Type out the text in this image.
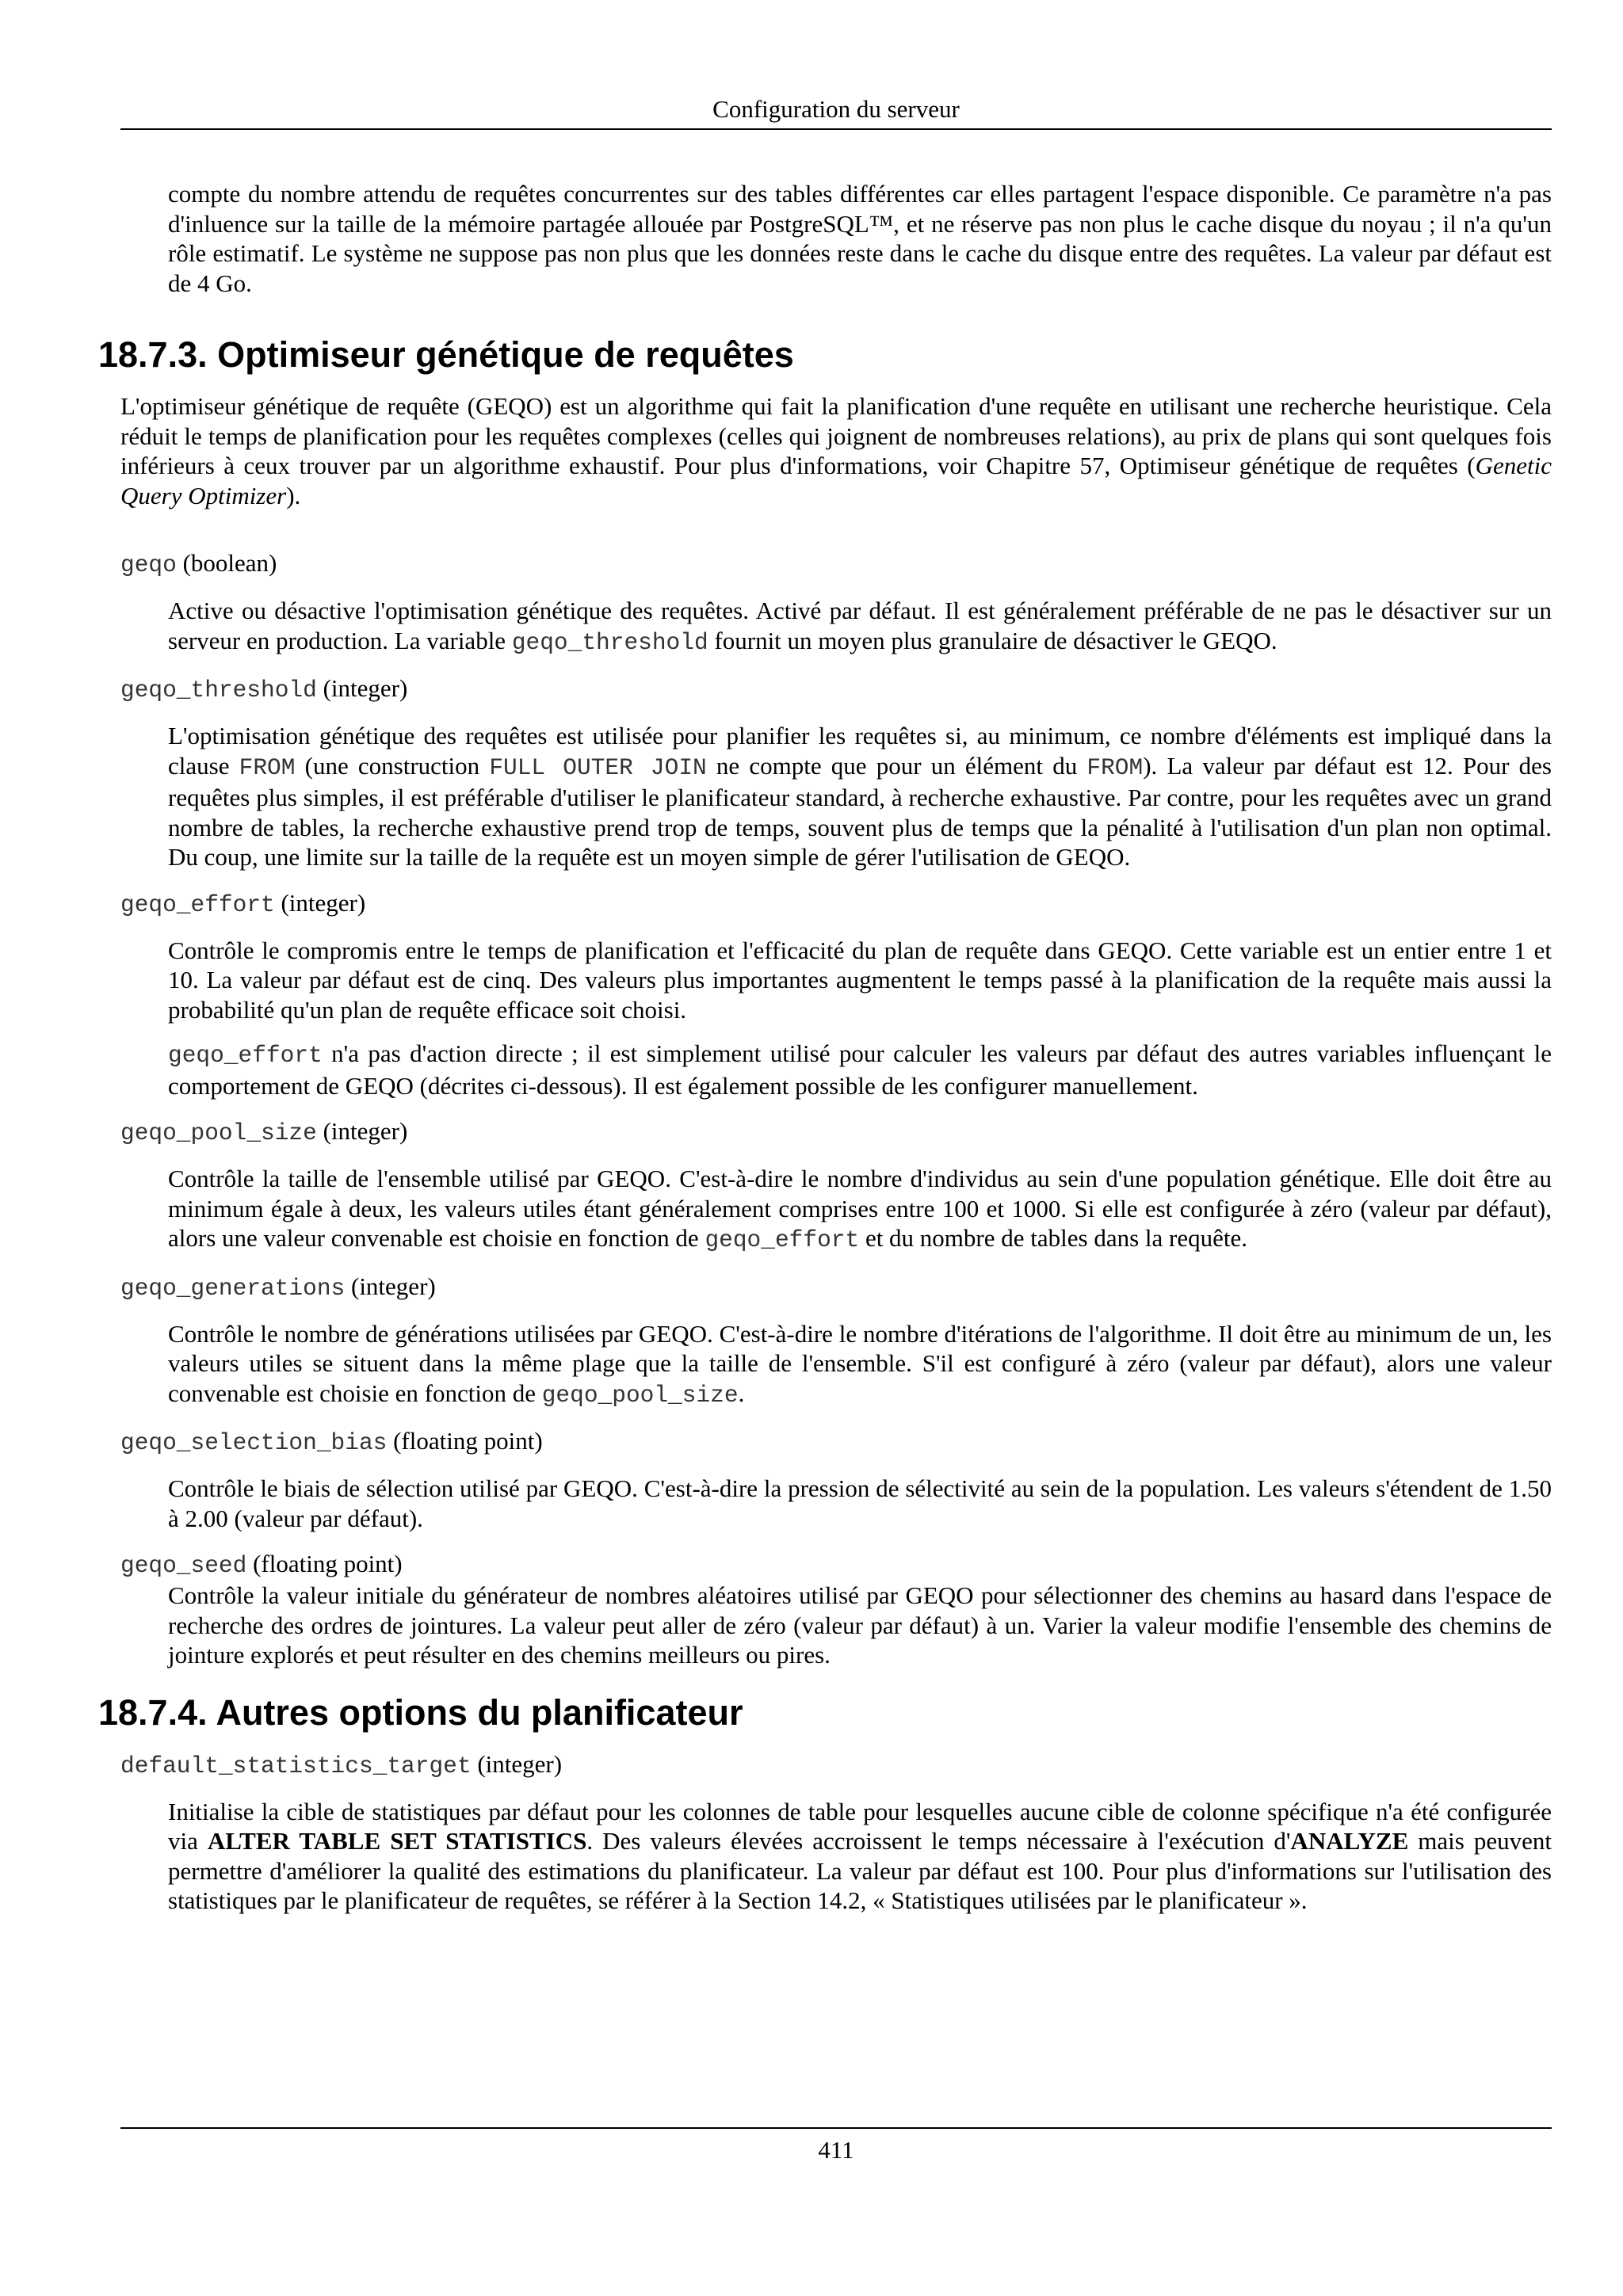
Configuration du serveur

compte du nombre attendu de requêtes concurrentes sur des tables différentes car elles partagent l'espace disponible. Ce paramètre n'a pas d'inluence sur la taille de la mémoire partagée allouée par PostgreSQL™, et ne réserve pas non plus le cache disque du noyau ; il n'a qu'un rôle estimatif. Le système ne suppose pas non plus que les données reste dans le cache du disque entre des requêtes. La valeur par défaut est de 4 Go.

18.7.3. Optimiseur génétique de requêtes

L'optimiseur génétique de requête (GEQO) est un algorithme qui fait la planification d'une requête en utilisant une recherche heuristique. Cela réduit le temps de planification pour les requêtes complexes (celles qui joignent de nombreuses relations), au prix de plans qui sont quelques fois inférieurs à ceux trouver par un algorithme exhaustif. Pour plus d'informations, voir Chapitre 57, Optimiseur génétique de requêtes (Genetic Query Optimizer).

geqo (boolean)
Active ou désactive l'optimisation génétique des requêtes. Activé par défaut. Il est généralement préférable de ne pas le désactiver sur un serveur en production. La variable geqo_threshold fournit un moyen plus granulaire de désactiver le GEQO.
geqo_threshold (integer)
L'optimisation génétique des requêtes est utilisée pour planifier les requêtes si, au minimum, ce nombre d'éléments est impliqué dans la clause FROM (une construction FULL OUTER JOIN ne compte que pour un élément du FROM). La valeur par défaut est 12. Pour des requêtes plus simples, il est préférable d'utiliser le planificateur standard, à recherche exhaustive. Par contre, pour les requêtes avec un grand nombre de tables, la recherche exhaustive prend trop de temps, souvent plus de temps que la pénalité à l'utilisation d'un plan non optimal. Du coup, une limite sur la taille de la requête est un moyen simple de gérer l'utilisation de GEQO.
geqo_effort (integer)
Contrôle le compromis entre le temps de planification et l'efficacité du plan de requête dans GEQO. Cette variable est un entier entre 1 et 10. La valeur par défaut est de cinq. Des valeurs plus importantes augmentent le temps passé à la planification de la requête mais aussi la probabilité qu'un plan de requête efficace soit choisi.
geqo_effort n'a pas d'action directe ; il est simplement utilisé pour calculer les valeurs par défaut des autres variables influençant le comportement de GEQO (décrites ci-dessous). Il est également possible de les configurer manuellement.
geqo_pool_size (integer)
Contrôle la taille de l'ensemble utilisé par GEQO. C'est-à-dire le nombre d'individus au sein d'une population génétique. Elle doit être au minimum égale à deux, les valeurs utiles étant généralement comprises entre 100 et 1000. Si elle est configurée à zéro (valeur par défaut), alors une valeur convenable est choisie en fonction de geqo_effort et du nombre de tables dans la requête.
geqo_generations (integer)
Contrôle le nombre de générations utilisées par GEQO. C'est-à-dire le nombre d'itérations de l'algorithme. Il doit être au minimum de un, les valeurs utiles se situent dans la même plage que la taille de l'ensemble. S'il est configuré à zéro (valeur par défaut), alors une valeur convenable est choisie en fonction de geqo_pool_size.
geqo_selection_bias (floating point)
Contrôle le biais de sélection utilisé par GEQO. C'est-à-dire la pression de sélectivité au sein de la population. Les valeurs s'étendent de 1.50 à 2.00 (valeur par défaut).
geqo_seed (floating point)
Contrôle la valeur initiale du générateur de nombres aléatoires utilisé par GEQO pour sélectionner des chemins au hasard dans l'espace de recherche des ordres de jointures. La valeur peut aller de zéro (valeur par défaut) à un. Varier la valeur modifie l'ensemble des chemins de jointure explorés et peut résulter en des chemins meilleurs ou pires.
18.7.4. Autres options du planificateur
default_statistics_target (integer)
Initialise la cible de statistiques par défaut pour les colonnes de table pour lesquelles aucune cible de colonne spécifique n'a été configurée via ALTER TABLE SET STATISTICS. Des valeurs élevées accroissent le temps nécessaire à l'exécution d'ANALYZE mais peuvent permettre d'améliorer la qualité des estimations du planificateur. La valeur par défaut est 100. Pour plus d'informations sur l'utilisation des statistiques par le planificateur de requêtes, se référer à la Section 14.2, « Statistiques utilisées par le planificateur ».
411
